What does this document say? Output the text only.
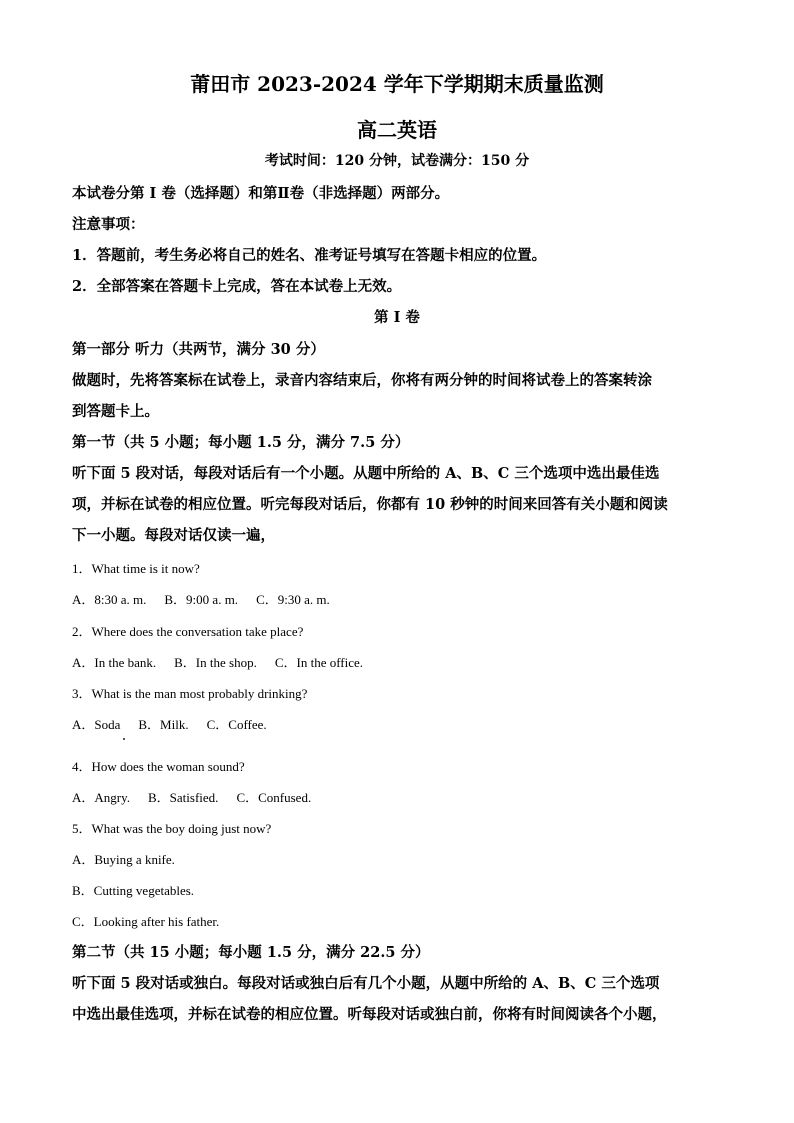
莆田市 2023-2024 学年下学期期末质量监测
高二英语
考试时间：120 分钟，试卷满分：150 分
本试卷分第 I 卷（选择题）和第Ⅱ卷（非选择题）两部分。
注意事项：
1．答题前，考生务必将自己的姓名、准考证号填写在答题卡相应的位置。
2．全部答案在答题卡上完成，答在本试卷上无效。
第 I 卷
第一部分 听力（共两节，满分 30 分）
做题时，先将答案标在试卷上，录音内容结束后，你将有两分钟的时间将试卷上的答案转涂
到答题卡上。
第一节（共 5 小题；每小题 1.5 分，满分 7.5 分）
听下面 5 段对话，每段对话后有一个小题。从题中所给的 A、B、C 三个选项中选出最佳选
项，并标在试卷的相应位置。听完每段对话后，你都有 10 秒钟的时间来回答有关小题和阅读
下一小题。每段对话仅读一遍，
1．What time is it now?
A．8:30 a. m. B．9:00 a. m. C．9:30 a. m.
2．Where does the conversation take place?
A．In the bank. B．In the shop. C．In the office.
3．What is the man most probably drinking?
A．Soda B．Milk. C．Coffee.
4．How does the woman sound?
A．Angry. B．Satisfied. C．Confused.
5．What was the boy doing just now?
A．Buying a knife.
B．Cutting vegetables.
C．Looking after his father.
第二节（共 15 小题；每小题 1.5 分，满分 22.5 分）
听下面 5 段对话或独白。每段对话或独白后有几个小题，从题中所给的 A、B、C 三个选项
中选出最佳选项，并标在试卷的相应位置。听每段对话或独白前，你将有时间阅读各个小题，
